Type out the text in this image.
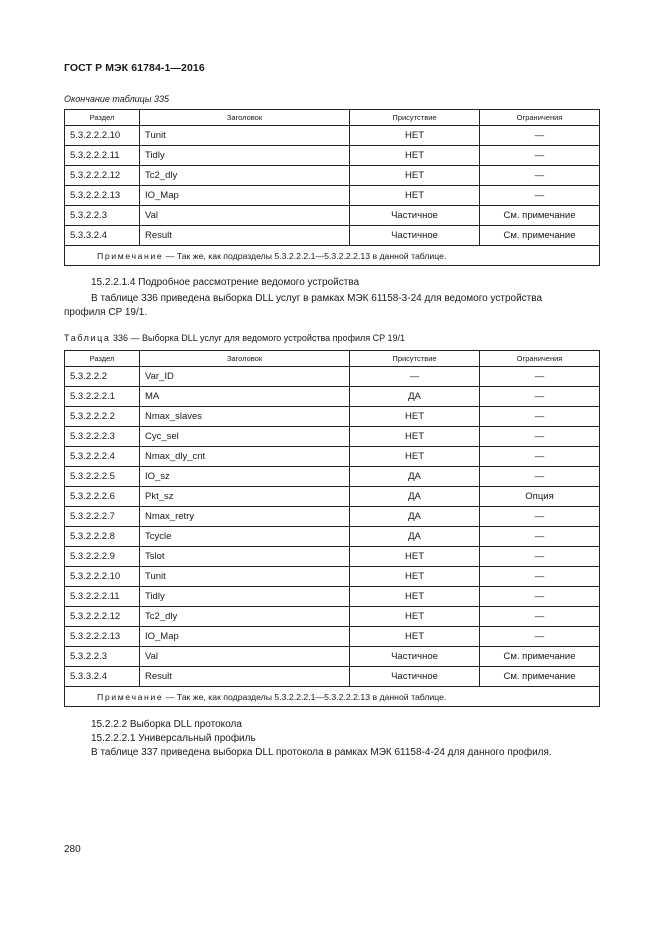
ГОСТ Р МЭК 61784-1—2016
Окончание таблицы 335
Раздел	Заголовок	Присутствие	Ограничения
5.3.2.2.2.10	Tunit	НЕТ	—
5.3.2.2.2.11	Tidly	НЕТ	—
5.3.2.2.2.12	Tc2_dly	НЕТ	—
5.3.2.2.2.13	IO_Map	НЕТ	—
5.3.2.2.3	Val	Частичное	См. примечание
5.3.3.2.4	Result	Частичное	См. примечание
Примечание — Так же, как подразделы 5.3.2.2.2.1—5.3.2.2.2.13 в данной таблице.			
15.2.2.1.4 Подробное рассмотрение ведомого устройства
В таблице 336 приведена выборка DLL услуг в рамках МЭК 61158-3-24 для ведомого устройства
профиля CP 19/1.
Таблица 336 — Выборка DLL услуг для ведомого устройства профиля CP 19/1
Раздел	Заголовок	Присутствие	Ограничения
5.3.2.2.2	Var_ID	—	—
5.3.2.2.2.1	MA	ДА	—
5.3.2.2.2.2	Nmax_slaves	НЕТ	—
5.3.2.2.2.3	Cyc_sel	НЕТ	—
5.3.2.2.2.4	Nmax_dly_cnt	НЕТ	—
5.3.2.2.2.5	IO_sz	ДА	—
5.3.2.2.2.6	Pkt_sz	ДА	Опция
5.3.2.2.2.7	Nmax_retry	ДА	—
5.3.2.2.2.8	Tcycle	ДА	—
5.3.2.2.2.9	Tslot	НЕТ	—
5.3.2.2.2.10	Tunit	НЕТ	—
5.3.2.2.2.11	Tidly	НЕТ	—
5.3.2.2.2.12	Tc2_dly	НЕТ	—
5.3.2.2.2.13	IO_Map	НЕТ	—
5.3.2.2.3	Val	Частичное	См. примечание
5.3.3.2.4	Result	Частичное	См. примечание
Примечание — Так же, как подразделы 5.3.2.2.2.1—5.3.2.2.2.13 в данной таблице.			
15.2.2.2 Выборка DLL протокола
15.2.2.2.1 Универсальный профиль
В таблице 337 приведена выборка DLL протокола в рамках МЭК 61158-4-24 для данного профиля.
280
